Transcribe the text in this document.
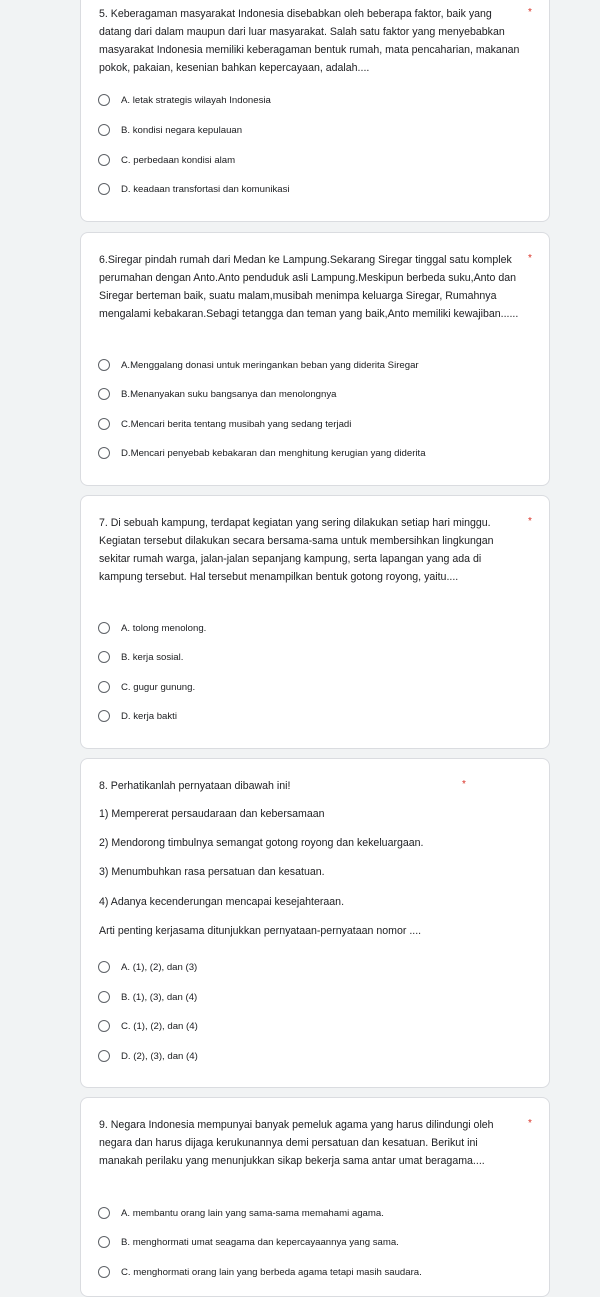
5. Keberagaman masyarakat Indonesia disebabkan oleh beberapa faktor, baik yang datang dari dalam maupun dari luar masyarakat. Salah satu faktor yang menyebabkan masyarakat Indonesia memiliki keberagaman bentuk rumah, mata pencaharian, makanan pokok, pakaian, kesenian bahkan kepercayaan, adalah....

*
A. letak strategis wilayah Indonesia
B. kondisi negara kepulauan
C. perbedaan kondisi alam
D. keadaan transfortasi dan komunikasi

6.Siregar pindah rumah dari Medan ke Lampung.Sekarang Siregar tinggal satu komplek perumahan dengan Anto.Anto penduduk asli Lampung.Meskipun berbeda suku,Anto dan Siregar berteman baik, suatu malam,musibah menimpa keluarga Siregar, Rumahnya mengalami kebakaran.Sebagi tetangga dan teman yang baik,Anto memiliki kewajiban......

*
A.Menggalang donasi untuk meringankan beban yang diderita Siregar
B.Menanyakan suku bangsanya dan menolongnya
C.Mencari berita tentang musibah yang sedang terjadi
D.Mencari penyebab kebakaran dan menghitung kerugian yang diderita

7. Di sebuah kampung, terdapat kegiatan yang sering dilakukan setiap hari minggu. Kegiatan tersebut dilakukan secara bersama-sama untuk membersihkan lingkungan sekitar rumah warga, jalan-jalan sepanjang kampung, serta lapangan yang ada di kampung tersebut. Hal tersebut menampilkan bentuk gotong royong, yaitu....

*
A. tolong menolong.
B. kerja sosial.
C. gugur gunung.
D. kerja bakti

8. Perhatikanlah pernyataan dibawah ini!	*
1) Mempererat persaudaraan dan kebersamaan
2) Mendorong timbulnya semangat gotong royong dan kekeluargaan.
3) Menumbuhkan rasa persatuan dan kesatuan.
4) Adanya kecenderungan mencapai kesejahteraan.
Arti penting kerjasama ditunjukkan pernyataan-pernyataan nomor ....
A. (1), (2), dan (3)
B. (1), (3), dan (4)
C. (1), (2), dan (4)
D. (2), (3), dan (4)

9. Negara Indonesia mempunyai banyak pemeluk agama yang harus dilindungi oleh negara dan harus dijaga kerukunannya demi persatuan dan kesatuan. Berikut ini manakah perilaku yang menunjukkan sikap bekerja sama antar umat beragama....

*
A. membantu orang lain yang sama-sama memahami agama.
B. menghormati umat seagama dan kepercayaannya yang sama.
C. menghormati orang lain yang berbeda agama tetapi masih saudara.
